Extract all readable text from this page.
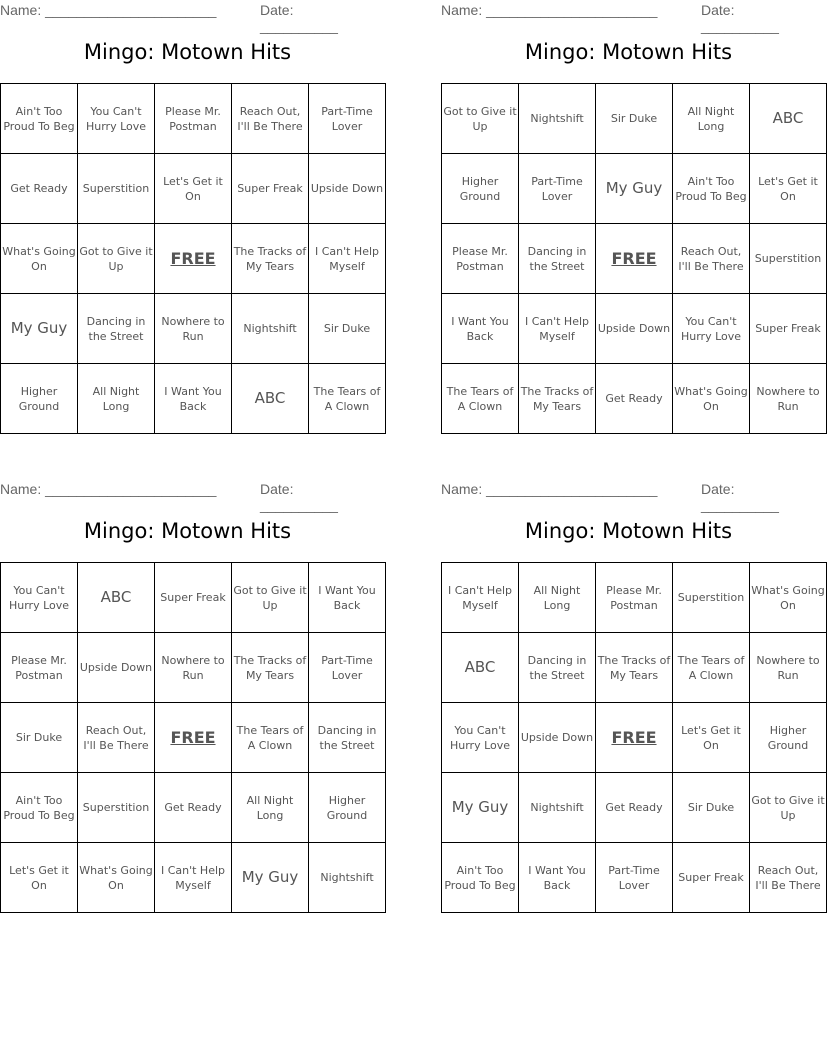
Name: ______________________	Date: __________
Mingo: Motown Hits
Ain't Too Proud To Beg	You Can't Hurry Love	Please Mr. Postman	Reach Out, I'll Be There	Part-Time Lover
Get Ready	Superstition	Let's Get it On	Super Freak	Upside Down
What's Going On	Got to Give it Up	FREE	The Tracks of My Tears	I Can't Help Myself
My Guy	Dancing in the Street	Nowhere to Run	Nightshift	Sir Duke
Higher Ground	All Night Long	I Want You Back	ABC	The Tears of A Clown
Name: ______________________	Date: __________
Mingo: Motown Hits
Got to Give it Up	Nightshift	Sir Duke	All Night Long	ABC
Higher Ground	Part-Time Lover	My Guy	Ain't Too Proud To Beg	Let's Get it On
Please Mr. Postman	Dancing in the Street	FREE	Reach Out, I'll Be There	Superstition
I Want You Back	I Can't Help Myself	Upside Down	You Can't Hurry Love	Super Freak
The Tears of A Clown	The Tracks of My Tears	Get Ready	What's Going On	Nowhere to Run
Name: ______________________	Date: __________
Mingo: Motown Hits
You Can't Hurry Love	ABC	Super Freak	Got to Give it Up	I Want You Back
Please Mr. Postman	Upside Down	Nowhere to Run	The Tracks of My Tears	Part-Time Lover
Sir Duke	Reach Out, I'll Be There	FREE	The Tears of A Clown	Dancing in the Street
Ain't Too Proud To Beg	Superstition	Get Ready	All Night Long	Higher Ground
Let's Get it On	What's Going On	I Can't Help Myself	My Guy	Nightshift
Name: ______________________	Date: __________
Mingo: Motown Hits
I Can't Help Myself	All Night Long	Please Mr. Postman	Superstition	What's Going On
ABC	Dancing in the Street	The Tracks of My Tears	The Tears of A Clown	Nowhere to Run
You Can't Hurry Love	Upside Down	FREE	Let's Get it On	Higher Ground
My Guy	Nightshift	Get Ready	Sir Duke	Got to Give it Up
Ain't Too Proud To Beg	I Want You Back	Part-Time Lover	Super Freak	Reach Out, I'll Be There
